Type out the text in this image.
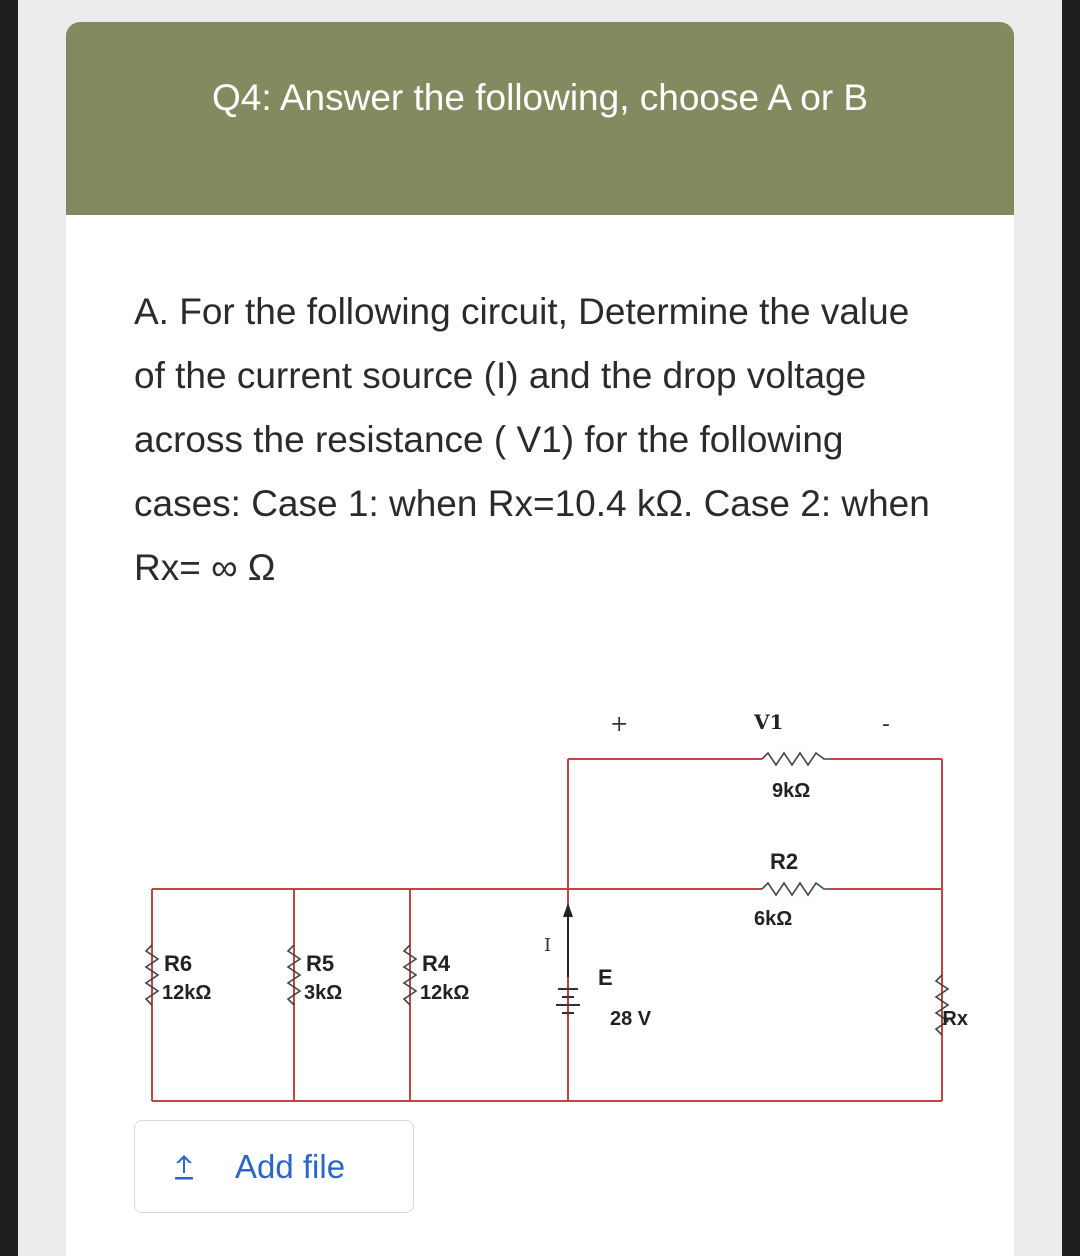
Q4: Answer the following, choose A or B
A. For the following circuit, Determine the value of the current source (I) and the drop voltage across the resistance ( V1) for the following cases: Case 1: when Rx=10.4 kΩ. Case 2: when Rx= ∞ Ω
+	V1	-
9kΩ
R2
6kΩ
I
R6
12kΩ
R5
3kΩ
R4
12kΩ
E
28 V	Rx
Add file
